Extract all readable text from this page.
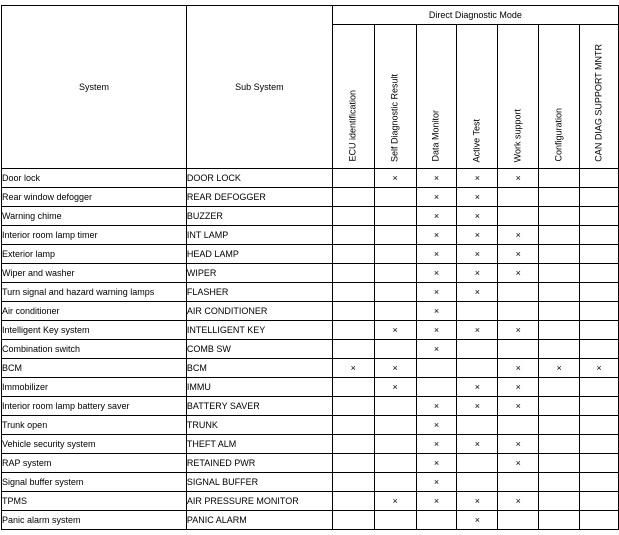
System	Sub System	Direct Diagnostic Mode						

		ECU identification	Self Diagnostic Result	Data Monitor	Active Test	Work support	Configuration	CAN DIAG SUPPORT MNTR

Door lock	DOOR LOCK		×	×	×	×		
Rear window defogger	REAR DEFOGGER			×	×			
Warning chime	BUZZER			×	×			
Interior room lamp timer	INT LAMP			×	×	×		
Exterior lamp	HEAD LAMP			×	×	×		
Wiper and washer	WIPER			×	×	×		
Turn signal and hazard warning lamps	FLASHER			×	×			
Air conditioner	AIR CONDITIONER			×				
Intelligent Key system	INTELLIGENT KEY		×	×	×	×		
Combination switch	COMB SW			×				
BCM	BCM	×	×			×	×	×
Immobilizer	IMMU		×		×	×		
Interior room lamp battery saver	BATTERY SAVER			×	×	×		
Trunk open	TRUNK			×				
Vehicle security system	THEFT ALM			×	×	×		
RAP system	RETAINED PWR			×		×		
Signal buffer system	SIGNAL BUFFER			×				
TPMS	AIR PRESSURE MONITOR		×	×	×	×		
Panic alarm system	PANIC ALARM				×			
